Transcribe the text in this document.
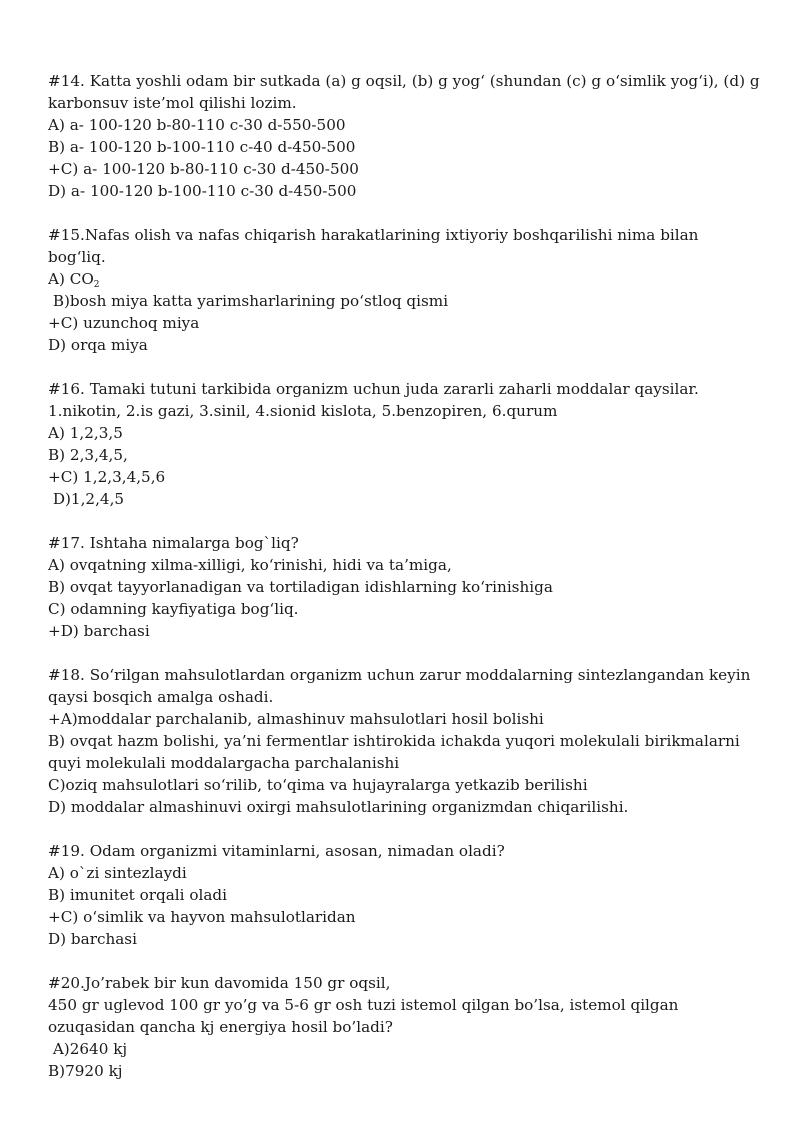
#14. Katta yoshli odam bir sutkada (a) g oqsil, (b) g yog‘ (shundan (c) g o‘simlik yog‘i), (d) g
karbonsuv iste’mol qilishi lozim.
A) a- 100-120 b-80-110 c-30 d-550-500
B) a- 100-120 b-100-110 c-40 d-450-500
+C) a- 100-120 b-80-110 c-30 d-450-500
D) a- 100-120 b-100-110 c-30 d-450-500
#15.Nafas olish va nafas chiqarish harakatlarining ixtiyoriy boshqarilishi nima bilan
bog‘liq.
A) $CO_2$
B)bosh miya katta yarimsharlarining po‘stloq qismi
+C) uzunchoq miya
D) orqa miya
#16. Tamaki tutuni tarkibida organizm uchun juda zararli zaharli moddalar qaysilar.
1.nikotin, 2.is gazi, 3.sinil, 4.sionid kislota, 5.benzopiren, 6.qurum
A) 1,2,3,5
B) 2,3,4,5,
+C) 1,2,3,4,5,6
D)1,2,4,5
#17. Ishtaha nimalarga bog`liq?
A) ovqatning xilma-xilligi, ko‘rinishi, hidi va ta’miga,
B) ovqat tayyorlanadigan va tortiladigan idishlarning ko‘rinishiga
C) odamning kayfiyatiga bog‘liq.
+D) barchasi
#18. So‘rilgan mahsulotlardan organizm uchun zarur moddalarning sintezlangandan keyin
qaysi bosqich amalga oshadi.
+A)moddalar parchalanib, almashinuv mahsulotlari hosil bolishi
B) ovqat hazm bolishi, ya’ni fermentlar ishtirokida ichakda yuqori molekulali birikmalarni
quyi molekulali moddalargacha parchalanishi
C)oziq mahsulotlari so‘rilib, to‘qima va hujayralarga yetkazib berilishi
D) moddalar almashinuvi oxirgi mahsulotlarining organizmdan chiqarilishi.
#19. Odam organizmi vitaminlarni, asosan, nimadan oladi?
A) o`zi sintezlaydi
B) imunitet orqali oladi
+C) o‘simlik va hayvon mahsulotlaridan
D) barchasi
#20.Jo’rabek bir kun davomida 150 gr oqsil,
450 gr uglevod 100 gr yo’g va 5-6 gr osh tuzi istemol qilgan bo’lsa, istemol qilgan
ozuqasidan qancha kj energiya hosil bo’ladi?
A)2640 kj
B)7920 kj
